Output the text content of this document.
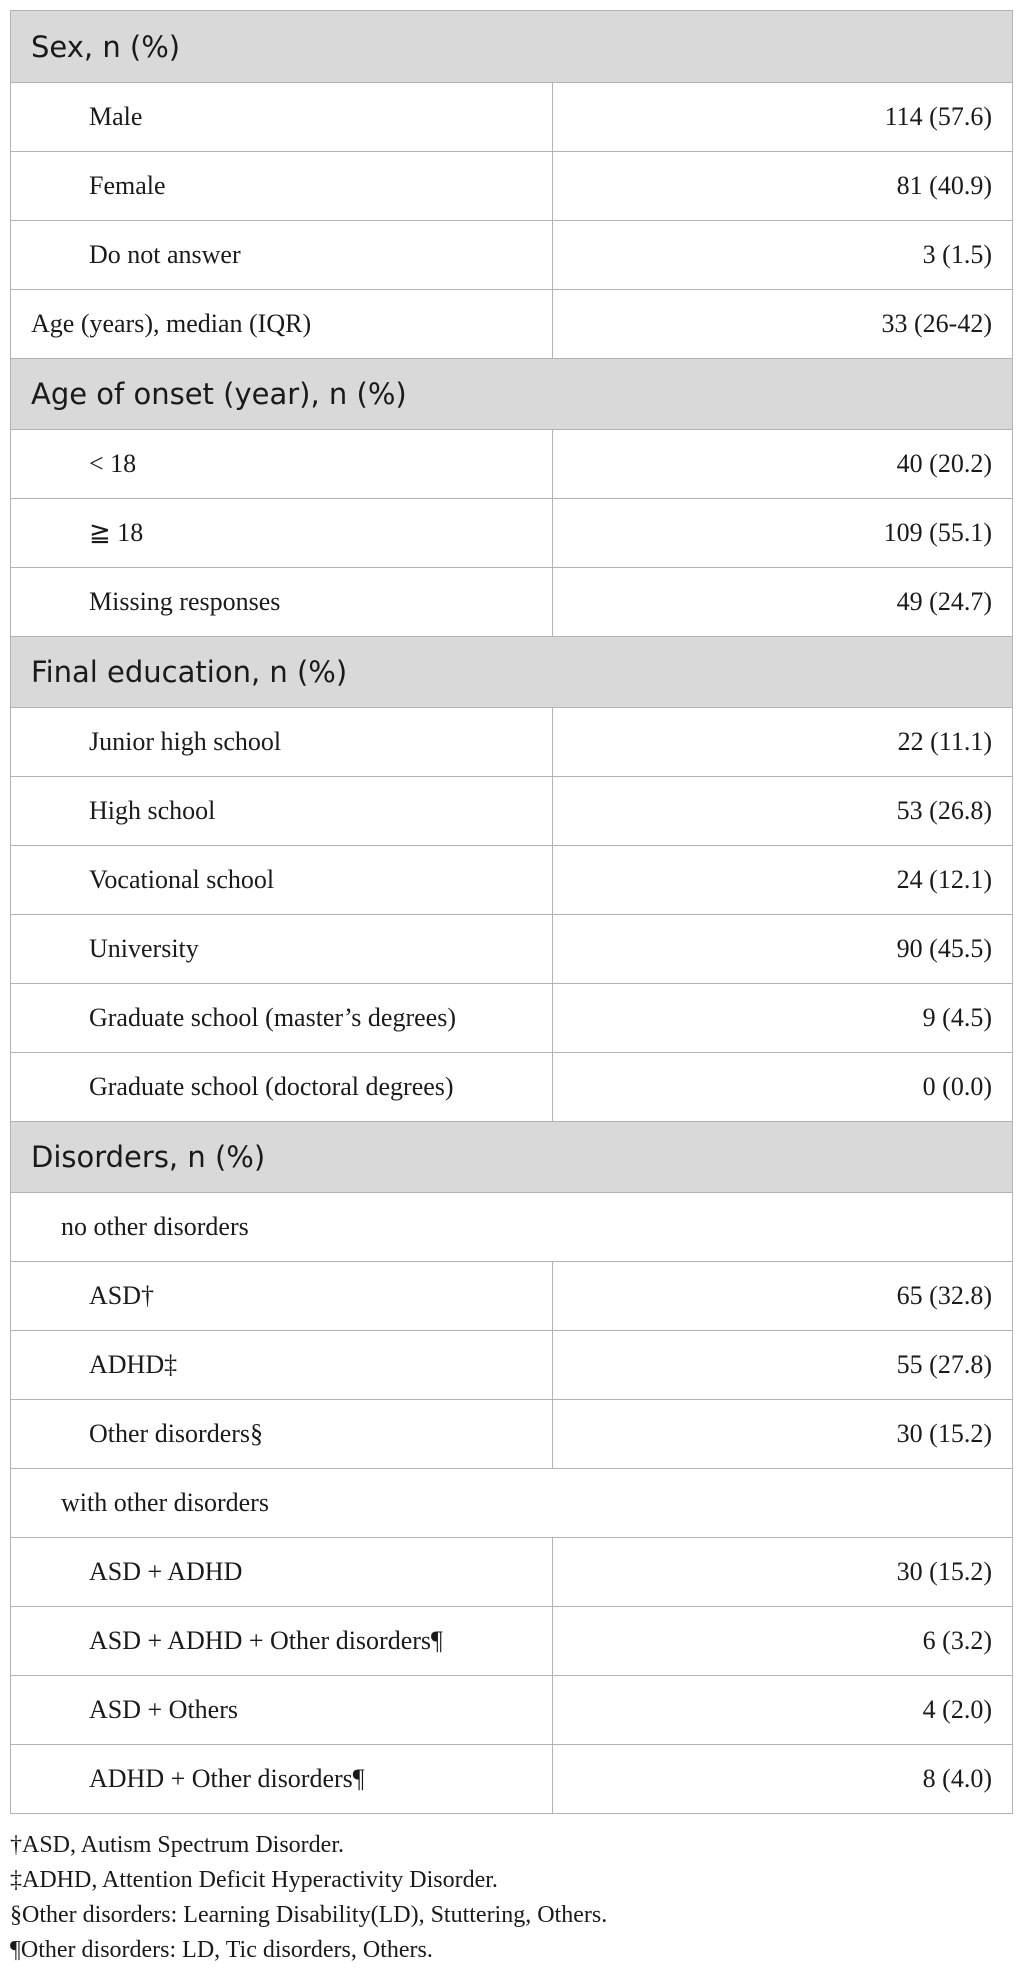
Sex, n (%)
Male	114 (57.6)
Female	81 (40.9)
Do not answer	3 (1.5)
Age (years), median (IQR)	33 (26-42)
Age of onset (year), n (%)
< 18	40 (20.2)
≧ 18	109 (55.1)
Missing responses	49 (24.7)
Final education, n (%)
Junior high school	22 (11.1)
High school	53 (26.8)
Vocational school	24 (12.1)
University	90 (45.5)
Graduate school (master’s degrees)	9 (4.5)
Graduate school (doctoral degrees)	0 (0.0)
Disorders, n (%)
no other disorders
ASD†	65 (32.8)
ADHD‡	55 (27.8)
Other disorders§	30 (15.2)
with other disorders
ASD + ADHD	30 (15.2)
ASD + ADHD + Other disorders¶	6 (3.2)
ASD + Others	4 (2.0)
ADHD + Other disorders¶	8 (4.0)
†ASD, Autism Spectrum Disorder.
‡ADHD, Attention Deficit Hyperactivity Disorder.
§Other disorders: Learning Disability(LD), Stuttering, Others.
¶Other disorders: LD, Tic disorders, Others.
